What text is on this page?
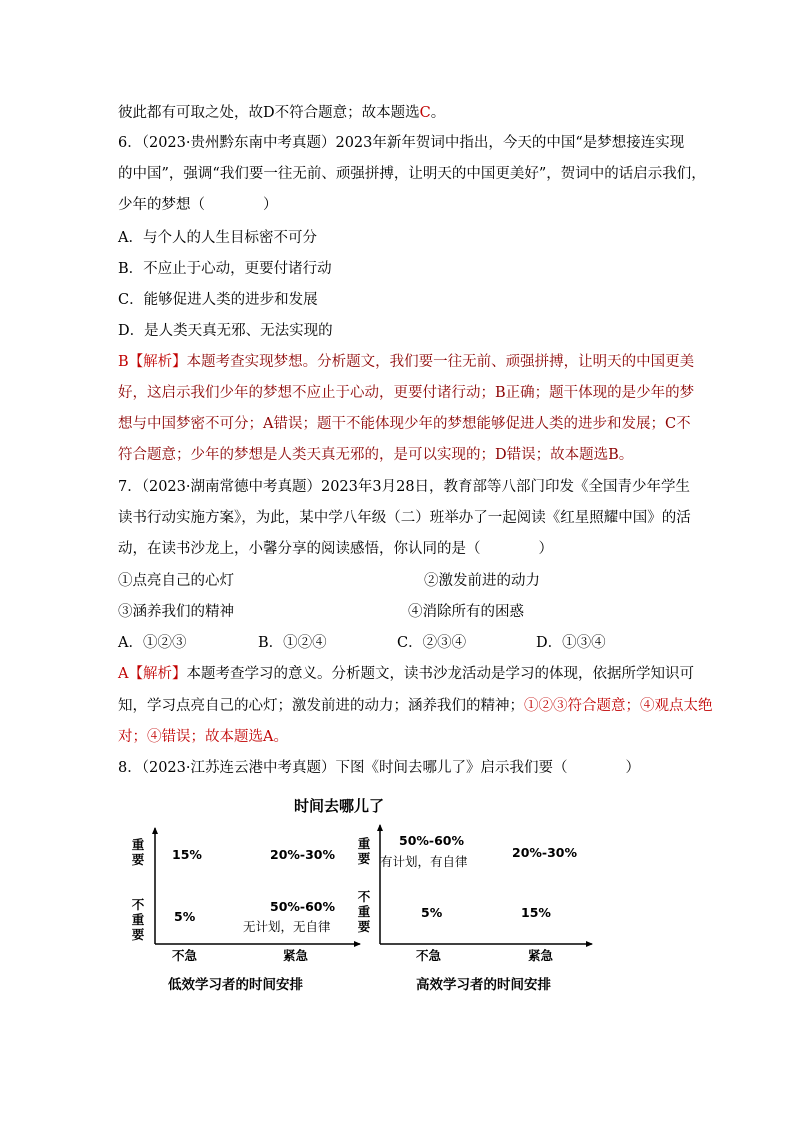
彼此都有可取之处，故D不符合题意；故本题选C。
6．（2023·贵州黔东南中考真题）2023年新年贺词中指出，今天的中国“是梦想接连实现
的中国”，强调“我们要一往无前、顽强拼搏，让明天的中国更美好”，贺词中的话启示我们，
少年的梦想（　　　　）
A．与个人的人生目标密不可分
B．不应止于心动，更要付诸行动
C．能够促进人类的进步和发展
D．是人类天真无邪、无法实现的
B【解析】本题考查实现梦想。分析题文，我们要一往无前、顽强拼搏，让明天的中国更美
好，这启示我们少年的梦想不应止于心动，更要付诸行动；B正确；题干体现的是少年的梦
想与中国梦密不可分；A错误；题干不能体现少年的梦想能够促进人类的进步和发展；C不
符合题意；少年的梦想是人类天真无邪的，是可以实现的；D错误；故本题选B。
7．（2023·湖南常德中考真题）2023年3月28日，教育部等八部门印发《全国青少年学生
读书行动实施方案》，为此，某中学八年级（二）班举办了一起阅读《红星照耀中国》的活
动，在读书沙龙上，小馨分享的阅读感悟，你认同的是（　　　　）
①点亮自己的心灯	②激发前进的动力
③涵养我们的精神	④消除所有的困惑
A．①②③	B．①②④	C．②③④	D．①③④
A【解析】本题考查学习的意义。分析题文，读书沙龙活动是学习的体现，依据所学知识可
知，学习点亮自己的心灯；激发前进的动力；涵养我们的精神；①②③符合题意；④观点太绝
对；④错误；故本题选A。
8．（2023·江苏连云港中考真题）下图《时间去哪儿了》启示我们要（　　　　）
时间去哪儿了
重要
不重要
15%	20%-30%
5%
50%-60%
无计划，无自律
不急	紧急
低效学习者的时间安排
重要
不重要
50%-60%
有计划，有自律
20%-30%
5%	15%
不急	紧急
高效学习者的时间安排
